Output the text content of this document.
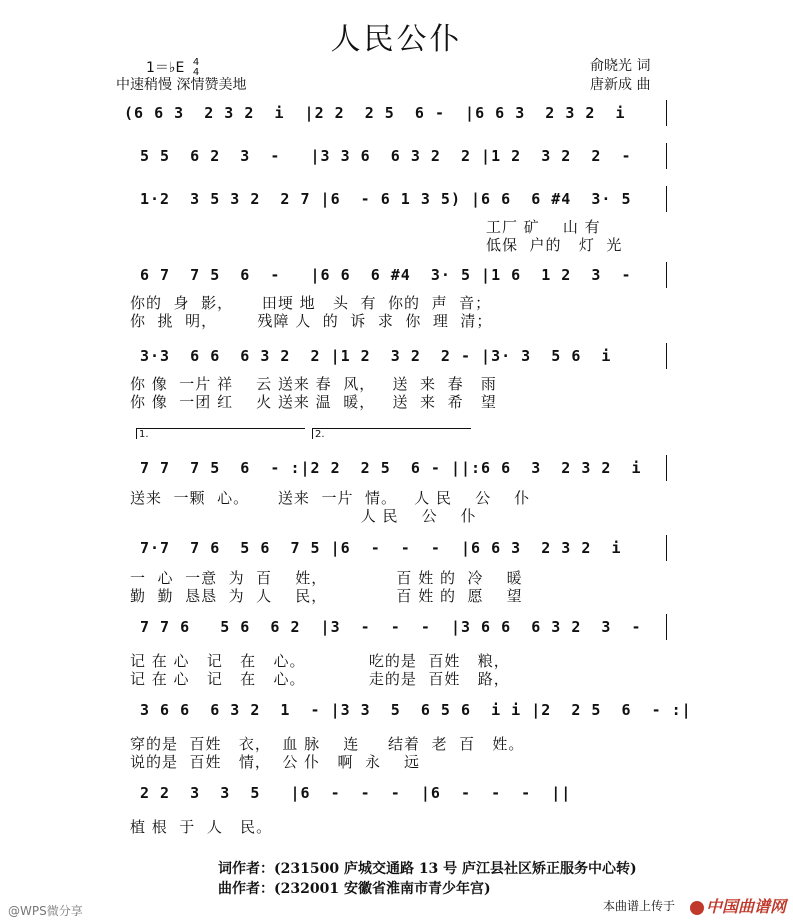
人民公仆
1＝♭E 4
4
中速稍慢 深情赞美地
俞晓光 词
唐新成 曲
(6 6 3  2 3 2  i  |2 2  2 5  6 -  |6 6 3  2 3 2  i
5 5  6 2  3  -   |3 3 6  6 3 2  2 |1 2  3 2  2  -
1·2  3 5 3 2  2 7 |6  - 6 1 3 5) |6 6  6 #4  3· 5
工厂 矿    山 有
低保  户的   灯  光
6 7  7 5  6  -   |6 6  6 #4  3· 5 |1 6  1 2  3  -
你的  身  影，     田埂 地   头  有  你的  声  音；
你  挑  明，       残障 人  的  诉  求  你  理  清；
3·3  6 6  6 3 2  2 |1 2  3 2  2 - |3· 3  5 6  i
你 像  一片 祥    云 送来 春  风，   送  来  春   雨
你 像  一团 红    火 送来 温  暖，   送  来  希   望
1.	2.
7 7  7 5  6  - :|2 2  2 5  6 - ||:6 6  3  2 3 2  i
送来  一颗  心。     送来  一片  情。   人 民    公    仆
人 民    公    仆
7·7  7 6  5 6  7 5 |6  -  -  -  |6 6 3  2 3 2  i
一  心  一意  为  百    姓，            百 姓 的  冷    暖
勤  勤  恳恳  为  人    民，            百 姓 的  愿    望
7 7 6   5 6  6 2  |3  -  -  -  |3 6 6  6 3 2  3  -
记 在 心   记   在   心。           吃的是  百姓   粮，
记 在 心   记   在   心。           走的是  百姓   路，
3 6 6  6 3 2  1  - |3 3  5  6 5 6  i i |2  2 5  6  - :|
穿的是  百姓   衣，  血 脉    连     结着  老  百   姓。
说的是  百姓   情，  公 仆   啊  永    远
2 2  3  3  5   |6  -  -  -  |6  -  -  -  ||
植 根  于  人   民。
词作者：(231500 庐城交通路 13 号 庐江县社区矫正服务中心转)
曲作者：(232001 安徽省淮南市青少年宫)
@WPS微分享	本曲谱上传于	中国曲谱网
